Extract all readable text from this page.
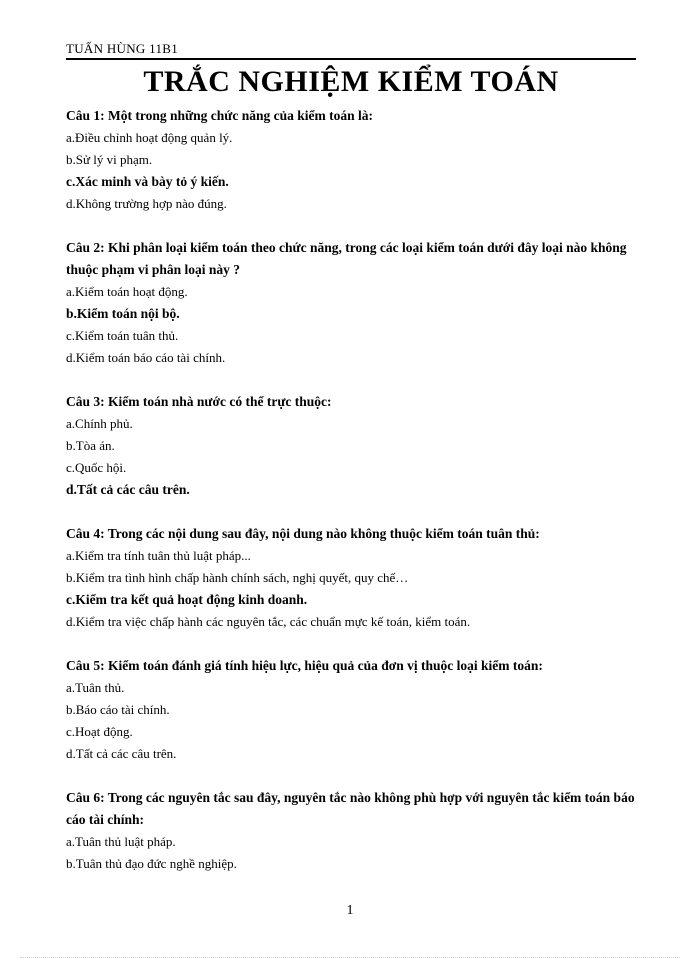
TUẤN HÙNG 11B1
TRẮC NGHIỆM KIỂM TOÁN

Câu 1: Một trong những chức năng của kiểm toán là:

a.Điều chỉnh hoạt động quản lý.

b.Sử lý vi phạm.

c.Xác minh và bày tỏ ý kiến.

d.Không trường hợp nào đúng.

Câu 2: Khi phân loại kiểm toán theo chức năng, trong các loại kiểm toán dưới đây loại nào không thuộc phạm vi phân loại này ?

a.Kiểm toán hoạt động.

b.Kiểm toán nội bộ.

c.Kiểm toán tuân thủ.

d.Kiểm toán báo cáo tài chính.

Câu 3: Kiểm toán nhà nước có thể trực thuộc:

a.Chính phủ.

b.Tòa án.

c.Quốc hội.

d.Tất cả các câu trên.

Câu 4: Trong các nội dung sau đây, nội dung nào không thuộc kiểm toán tuân thủ:

a.Kiểm tra tính tuân thủ luật pháp...

b.Kiểm tra tình hình chấp hành chính sách, nghị quyết, quy chế…

c.Kiểm tra kết quả hoạt động kinh doanh.

d.Kiểm tra việc chấp hành các nguyên tắc, các chuẩn mực kế toán, kiểm toán.

Câu 5: Kiểm toán đánh giá tính hiệu lực, hiệu quả của đơn vị thuộc loại kiểm toán:

a.Tuân thủ.

b.Báo cáo tài chính.

c.Hoạt động.

d.Tất cả các câu trên.

Câu 6: Trong các nguyên tắc sau đây, nguyên tắc nào không phù hợp với nguyên tắc kiểm toán báo cáo tài chính:

a.Tuân thủ luật pháp.

b.Tuân thủ đạo đức nghề nghiệp.

1
